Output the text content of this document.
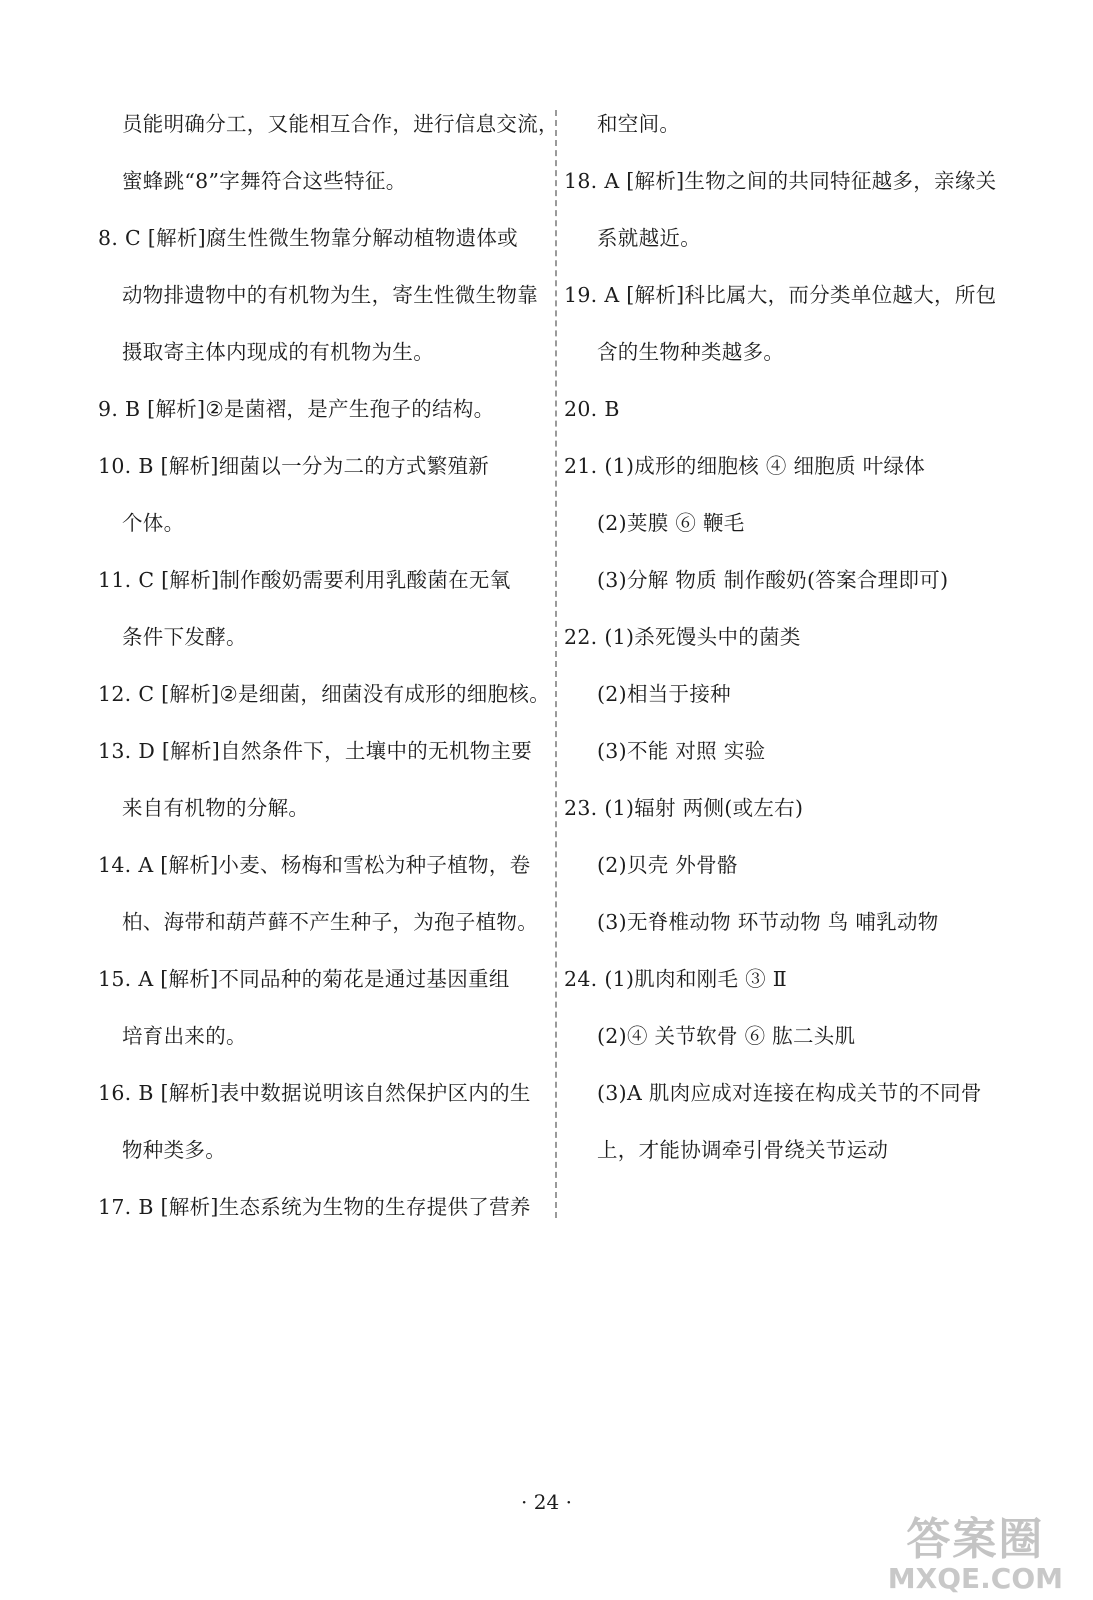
员能明确分工，又能相互合作，进行信息交流，
蜜蜂跳“8”字舞符合这些特征。
8. C [解析]腐生性微生物靠分解动植物遗体或
动物排遗物中的有机物为生，寄生性微生物靠
摄取寄主体内现成的有机物为生。
9. B [解析]②是菌褶，是产生孢子的结构。
10. B [解析]细菌以一分为二的方式繁殖新
个体。
11. C [解析]制作酸奶需要利用乳酸菌在无氧
条件下发酵。
12. C [解析]②是细菌，细菌没有成形的细胞核。
13. D [解析]自然条件下，土壤中的无机物主要
来自有机物的分解。
14. A [解析]小麦、杨梅和雪松为种子植物，卷
柏、海带和葫芦藓不产生种子，为孢子植物。
15. A [解析]不同品种的菊花是通过基因重组
培育出来的。
16. B [解析]表中数据说明该自然保护区内的生
物种类多。
17. B [解析]生态系统为生物的生存提供了营养
和空间。
18. A [解析]生物之间的共同特征越多，亲缘关
系就越近。
19. A [解析]科比属大，而分类单位越大，所包
含的生物种类越多。
20. B
21. (1)成形的细胞核 ④ 细胞质 叶绿体
(2)荚膜 ⑥ 鞭毛
(3)分解 物质 制作酸奶(答案合理即可)
22. (1)杀死馒头中的菌类
(2)相当于接种
(3)不能 对照 实验
23. (1)辐射 两侧(或左右)
(2)贝壳 外骨骼
(3)无脊椎动物 环节动物 鸟 哺乳动物
24. (1)肌肉和刚毛 ③ Ⅱ
(2)④ 关节软骨 ⑥ 肱二头肌
(3)A 肌肉应成对连接在构成关节的不同骨
上，才能协调牵引骨绕关节运动
· 24 ·
答案圈
MXQE.COM
